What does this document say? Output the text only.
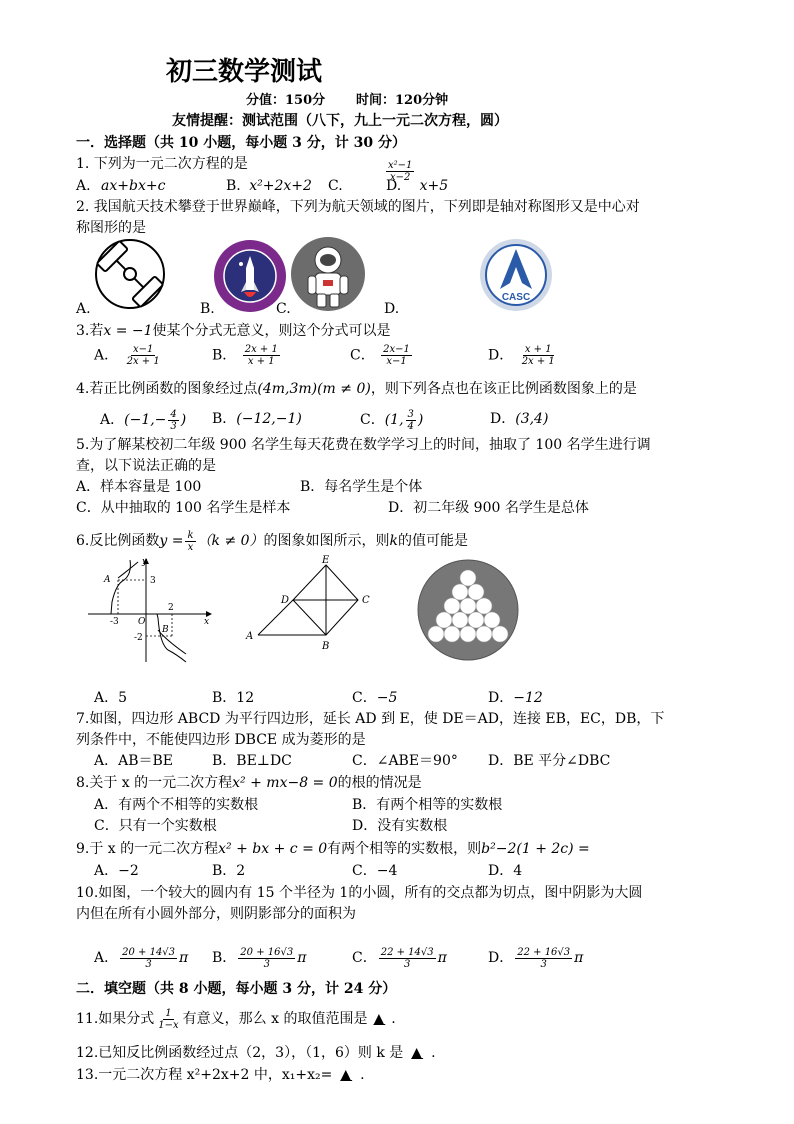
初三数学测试
分值：150分 时间：120分钟
友情提醒：测试范围（八下，九上一元二次方程，圆）
一．选择题（共 10 小题，每小题 3 分，计 30 分）
1. 下列为一元二次方程的是
A. ax+bx+c	B. x²+2x+2 C.
$\frac{\text{x²−1}}{x-2}$
D. x+5
2. 我国航天技术攀登于世界巅峰，下列为航天领域的图片，下列即是轴对称图形又是中心对
称图形的是
CASC
A.	B.	C.	D.
3.若x = −1使某个分式无意义，则这个分式可以是
A． $\frac{x-1}{2x + 1}$	B． $\frac{2x + 1}{x + 1}$	C． $\frac{2x-1}{x-1}$	D． $\frac{x + 1}{2x + 1}$
4.若正比例函数的图象经过点(4m,3m)(m ≠ 0)，则下列各点也在该正比例函数图象上的是
A．($-1,- \frac{4}{3}$ ) B．(−12,−1)	C．(1, $\frac{3}{4}$ )	D．(3,4)
5.为了解某校初二年级 900 名学生每天花费在数学学习上的时间，抽取了 100 名学生进行调
查，以下说法正确的是
A．样本容量是 100	B．每名学生是个体
C．从中抽取的 100 名学生是样本	D．初二年级 900 名学生是总体
6.反比例函数$y = \frac{k}{x} (k \ne 0)$的图象如图所示，则k的值可能是
y
x
O
A
B
3
2
-3
-2
E
D	C
A
B
A．5	B．12	C．−5	D．−12
7.如图，四边形 ABCD 为平行四边形，延长 AD 到 E，使 DE＝AD，连接 EB，EC，DB，下
列条件中，不能使四边形 DBCE 成为菱形的是
A．AB＝BE	B．BE⊥DC	C．∠ABE＝90° D．BE 平分∠DBC
8.关于 x 的一元二次方程x² + mx−8 = 0的根的情况是
A．有两个不相等的实数根	B．有两个相等的实数根
C．只有一个实数根	D．没有实数根
9.于 x 的一元二次方程x² + bx + c = 0有两个相等的实数根，则b²−2(1 + 2c) =
A．−2	B．2	C．−4	D．4
10.如图，一个较大的圆内有 15 个半径为 1的小圆，所有的交点都为切点，图中阴影为大圆
内但在所有小圆外部分，则阴影部分的面积为
A． $\frac{20 + 14√3}{3}$ π B． $\frac{20 + 16√3}{3}$ π	C． $\frac{22 + 14√3}{3}$ π	D． $\frac{22 + 16√3}{3}$ π
二．填空题（共 8 小题，每小题 3 分，计 24 分）
11.如果分式 $\frac{1}{1-x}$ 有意义，那么 x 的取值范围是 ▲ .
12.已知反比例函数经过点（2，3），（1，6）则 k 是 ▲ .
13.一元二次方程 x²+2x+2 中，x₁+x₂= ▲ .
